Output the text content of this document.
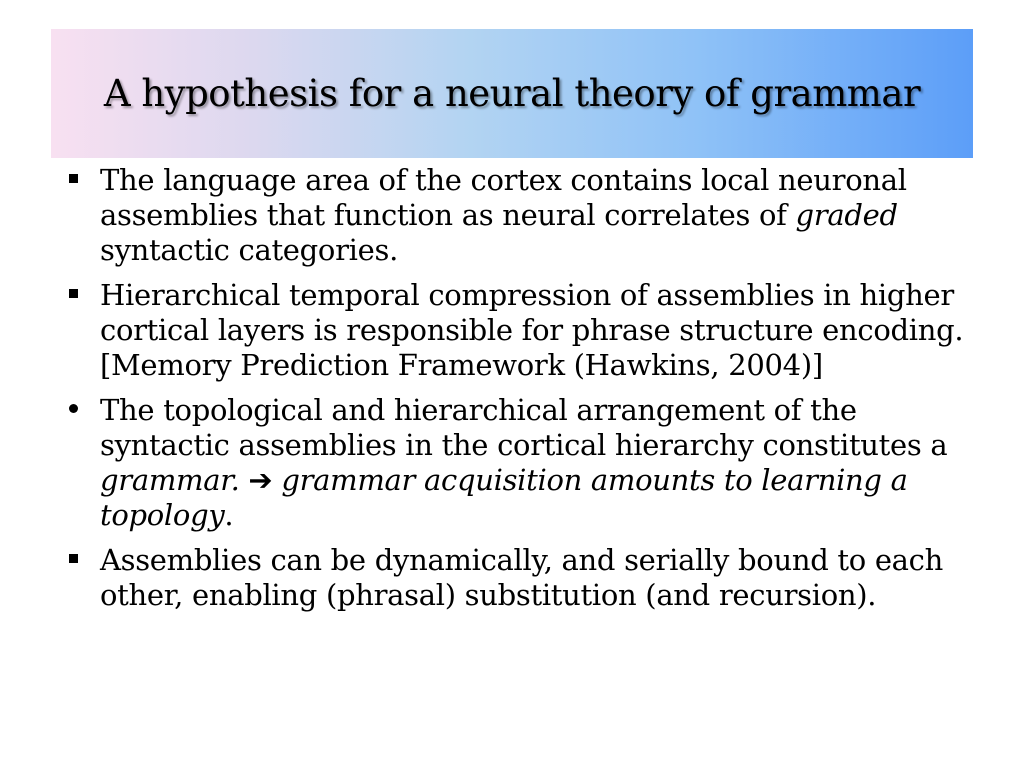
A hypothesis for a neural theory of grammar
The language area of the cortex contains local neuronal assemblies that function as neural correlates of graded syntactic categories.
Hierarchical temporal compression of assemblies in higher cortical layers is responsible for phrase structure encoding. [Memory Prediction Framework (Hawkins, 2004)]
The topological and hierarchical arrangement of the syntactic assemblies in the cortical hierarchy constitutes a grammar. ➔ grammar acquisition amounts to learning a topology.
Assemblies can be dynamically, and serially bound to each other, enabling (phrasal) substitution (and recursion).
